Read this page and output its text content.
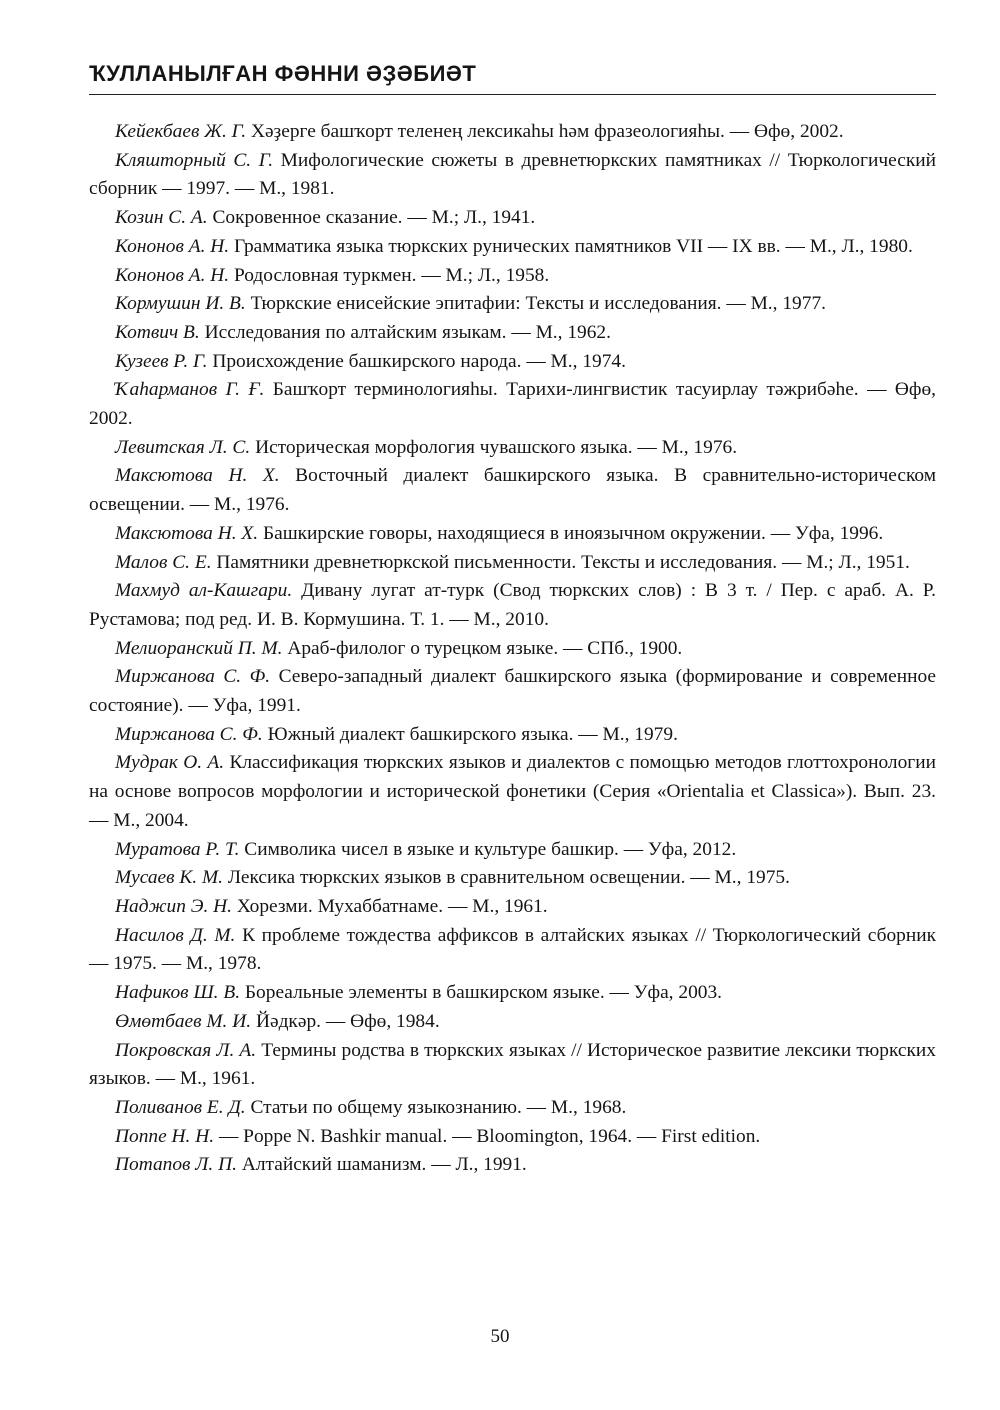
ҠУЛЛАНЫЛҒАН ФӘННИ ӘҘӘБИӘТ

Кейекбаев Ж. Г. Хәҙерге башҡорт теленең лексикаһы һәм фразеологияһы. — Өфө, 2002.

Кляшторный С. Г. Мифологические сюжеты в древнетюркских памятниках // Тюркологический сборник — 1997. — М., 1981.

Козин С. А. Сокровенное сказание. — М.; Л., 1941.

Кононов А. Н. Грамматика языка тюркских рунических памятников VII — IX вв. — М., Л., 1980.

Кононов А. Н. Родословная туркмен. — М.; Л., 1958.

Кормушин И. В. Тюркские енисейские эпитафии: Тексты и исследования. — М., 1977.

Котвич В. Исследования по алтайским языкам. — М., 1962.

Кузеев Р. Г. Происхождение башкирского народа. — М., 1974.

Ҡаһарманов Г. Ғ. Башҡорт терминологияһы. Тарихи-лингвистик тасуирлау тәжрибәһе. — Өфө, 2002.

Левитская Л. С. Историческая морфология чувашского языка. — М., 1976.

Максютова Н. Х. Восточный диалект башкирского языка. В сравнительно-историческом освещении. — М., 1976.

Максютова Н. Х. Башкирские говоры, находящиеся в иноязычном окружении. — Уфа, 1996.

Малов С. Е. Памятники древнетюркской письменности. Тексты и исследования. — М.; Л., 1951.

Махмуд ал-Кашгари. Дивану лугат ат-турк (Свод тюркских слов) : В 3 т. / Пер. с араб. А. Р. Рустамова; под ред. И. В. Кормушина. Т. 1. — М., 2010.

Мелиоранский П. М. Араб-филолог о турецком языке. — СПб., 1900.

Миржанова С. Ф. Северо-западный диалект башкирского языка (формирование и современное состояние). — Уфа, 1991.

Миржанова С. Ф. Южный диалект башкирского языка. — М., 1979.

Мудрак О. А. Классификация тюркских языков и диалектов с помощью методов глоттохронологии на основе вопросов морфологии и исторической фонетики (Серия «Orientalia et Classica»). Вып. 23. — М., 2004.

Муратова Р. Т. Символика чисел в языке и культуре башкир. — Уфа, 2012.

Мусаев К. М. Лексика тюркских языков в сравнительном освещении. — М., 1975.

Наджип Э. Н. Хорезми. Мухаббатнаме. — М., 1961.

Насилов Д. М. К проблеме тождества аффиксов в алтайских языках // Тюркологический сборник — 1975. — М., 1978.

Нафиков Ш. В. Бореальные элементы в башкирском языке. — Уфа, 2003.

Өмөтбаев М. И. Йәдкәр. — Өфө, 1984.

Покровская Л. А. Термины родства в тюркских языках // Историческое развитие лексики тюркских языков. — М., 1961.

Поливанов Е. Д. Статьи по общему языкознанию. — М., 1968.

Поппе Н. Н. — Poppe N. Bashkir manual. — Bloomington, 1964. — First edition.

Потапов Л. П. Алтайский шаманизм. — Л., 1991.

50
